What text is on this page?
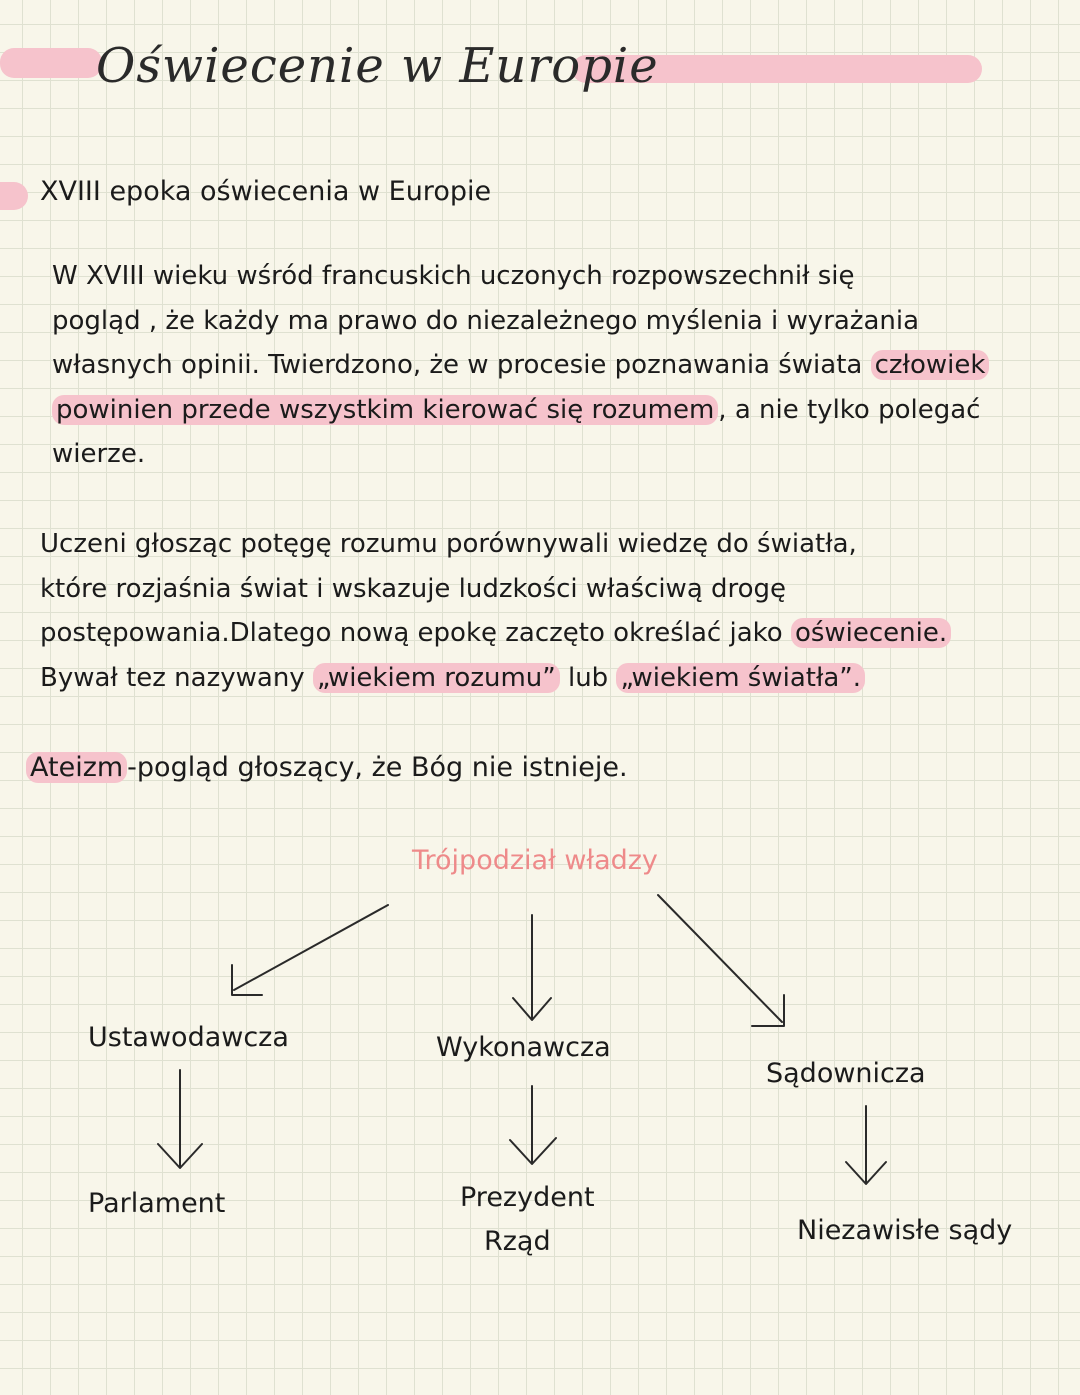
Oświecenie w Europie
XVIII epoka oświecenia w Europie
W XVIII wieku wśród francuskich uczonych rozpowszechnił się
pogląd , że każdy ma prawo do niezależnego myślenia i wyrażania
własnych opinii. Twierdzono, że w procesie poznawania świata człowiek
powinien przede wszystkim kierować się rozumem , a nie tylko polegać
wierze.
Uczeni głosząc potęgę rozumu porównywali wiedzę do światła,
które rozjaśnia świat i wskazuje ludzkości właściwą drogę
postępowania.Dlatego nową epokę zaczęto określać jako oświecenie.
Bywał tez nazywany „wiekiem rozumu” lub „wiekiem światła”.
Ateizm -pogląd głoszący, że Bóg nie istnieje.
Trójpodział władzy
Ustawodawcza	Wykonawcza
Sądownicza
Parlament	Prezydent
Rząd	Niezawisłe sądy
